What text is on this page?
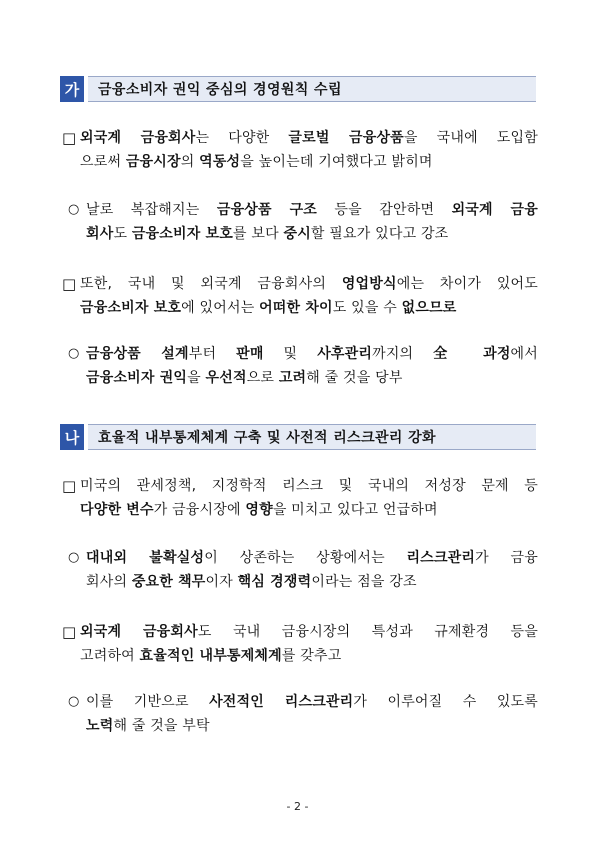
가	금융소비자 권익 중심의 경영원칙 수립
□ 외국계 금융회사는 다양한 글로벌 금융상품을 국내에 도입함
으로써 금융시장의 역동성을 높이는데 기여했다고 밝히며
○ 날로 복잡해지는 금융상품 구조 등을 감안하면 외국계 금융
회사도 금융소비자 보호를 보다 중시할 필요가 있다고 강조
□ 또한, 국내 및 외국계 금융회사의 영업방식에는 차이가 있어도
금융소비자 보호에 있어서는 어떠한 차이도 있을 수 없으므로
○ 금융상품 설계부터 판매 및 사후관리까지의 全 과정에서
금융소비자 권익을 우선적으로 고려해 줄 것을 당부
나	효율적 내부통제체계 구축 및 사전적 리스크관리 강화
□ 미국의 관세정책, 지정학적 리스크 및 국내의 저성장 문제 등
다양한 변수가 금융시장에 영향을 미치고 있다고 언급하며
○ 대내외 불확실성이 상존하는 상황에서는 리스크관리가 금융
회사의 중요한 책무이자 핵심 경쟁력이라는 점을 강조
□ 외국계 금융회사도 국내 금융시장의 특성과 규제환경 등을
고려하여 효율적인 내부통제체계를 갖추고
○ 이를 기반으로 사전적인 리스크관리가 이루어질 수 있도록
노력해 줄 것을 부탁
- 2 -
